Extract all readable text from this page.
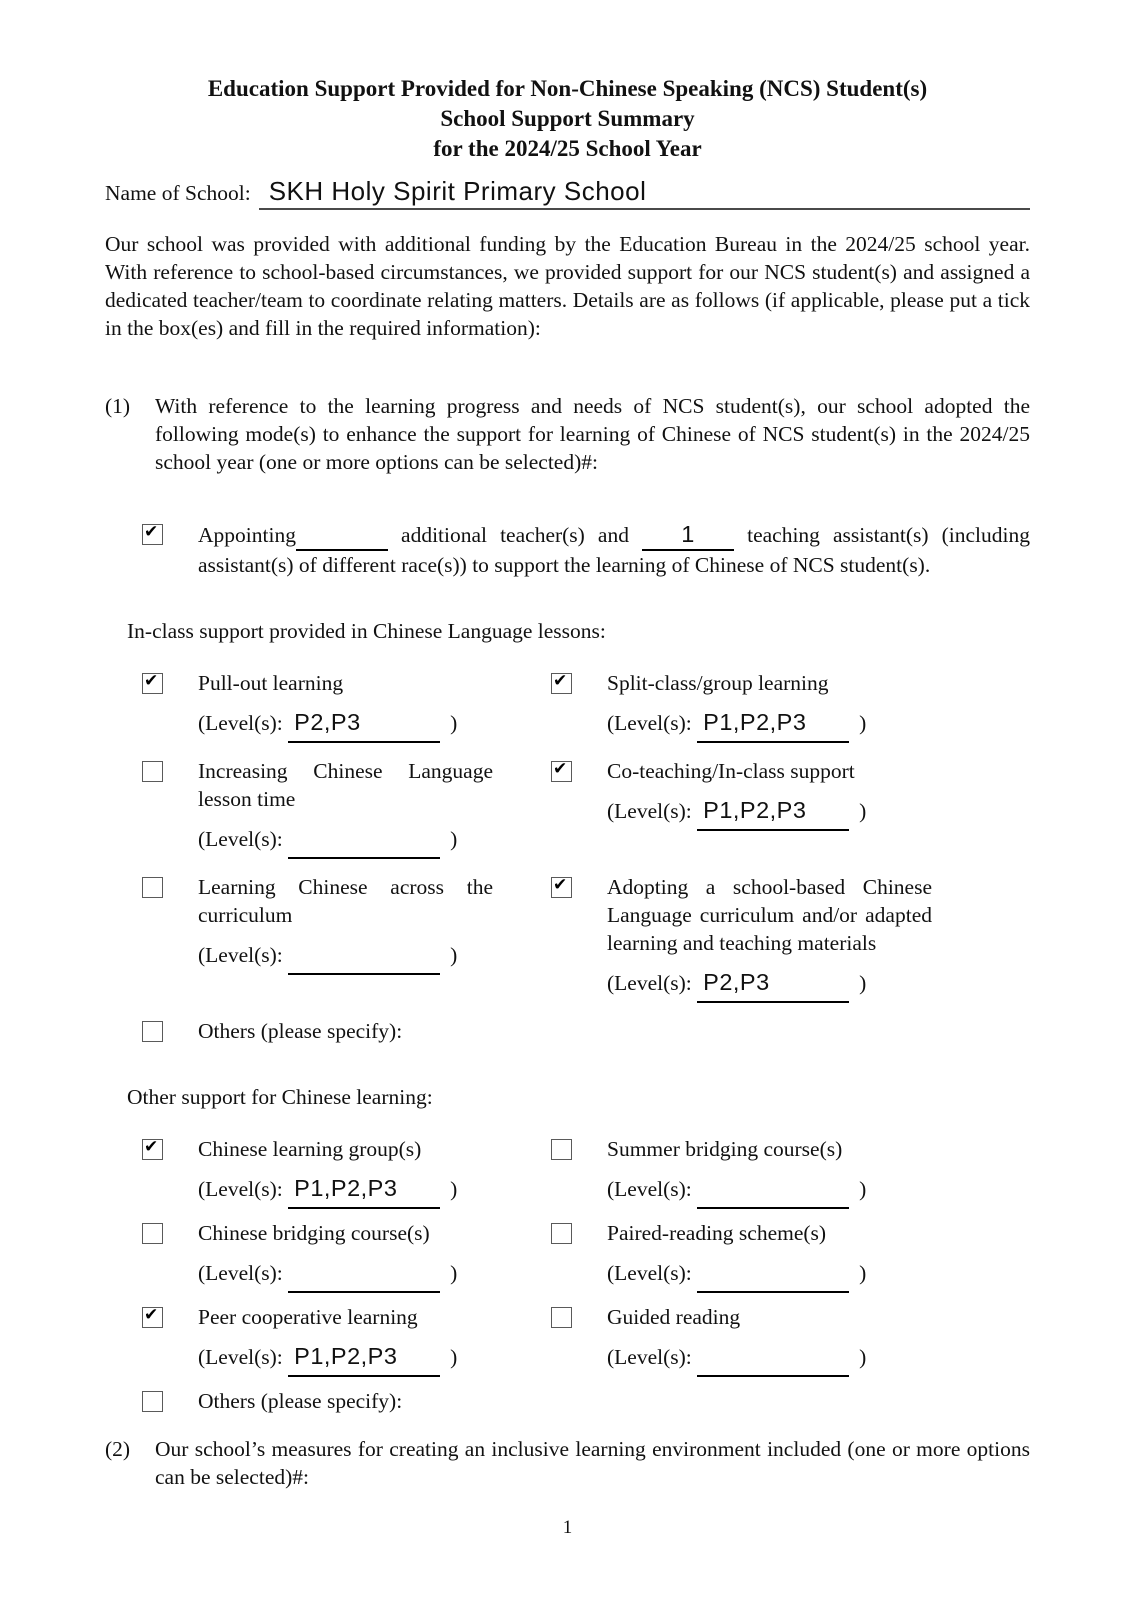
Education Support Provided for Non-Chinese Speaking (NCS) Student(s)
School Support Summary
for the 2024/25 School Year
Name of School: SKH Holy Spirit Primary School

Our school was provided with additional funding by the Education Bureau in the 2024/25 school year. With reference to school-based circumstances, we provided support for our NCS student(s) and assigned a dedicated teacher/team to coordinate relating matters. Details are as follows (if applicable, please put a tick in the box(es) and fill in the required information):

(1)	With reference to the learning progress and needs of NCS student(s), our school adopted the following mode(s) to enhance the support for learning of Chinese of NCS student(s) in the 2024/25 school year (one or more options can be selected)#:
✔ Appointing	additional teacher(s) and 1 teaching assistant(s) (including assistant(s) of different race(s)) to support the learning of Chinese of NCS student(s).
In-class support provided in Chinese Language lessons:
✔ Pull-out learning
(Level(s): P2,P3	)
✔ Split-class/group learning
(Level(s): P1,P2,P3 )
Increasing Chinese Language lesson time
(Level(s):	)
✔ Co-teaching/In-class support
(Level(s): P1,P2,P3 )
Learning Chinese across the curriculum
(Level(s):	)
✔ Adopting a school-based Chinese Language curriculum and/or adapted learning and teaching materials
(Level(s): P2,P3	)
Others (please specify):
Other support for Chinese learning:
✔ Chinese learning group(s)
(Level(s): P1,P2,P3 )
Summer bridging course(s)
(Level(s):	)
Chinese bridging course(s)
(Level(s):	)
Paired-reading scheme(s)
(Level(s):	)
✔ Peer cooperative learning
(Level(s): P1,P2,P3 )
Guided reading
(Level(s):	)
Others (please specify):
(2)	Our school’s measures for creating an inclusive learning environment included (one or more options can be selected)#:
1
